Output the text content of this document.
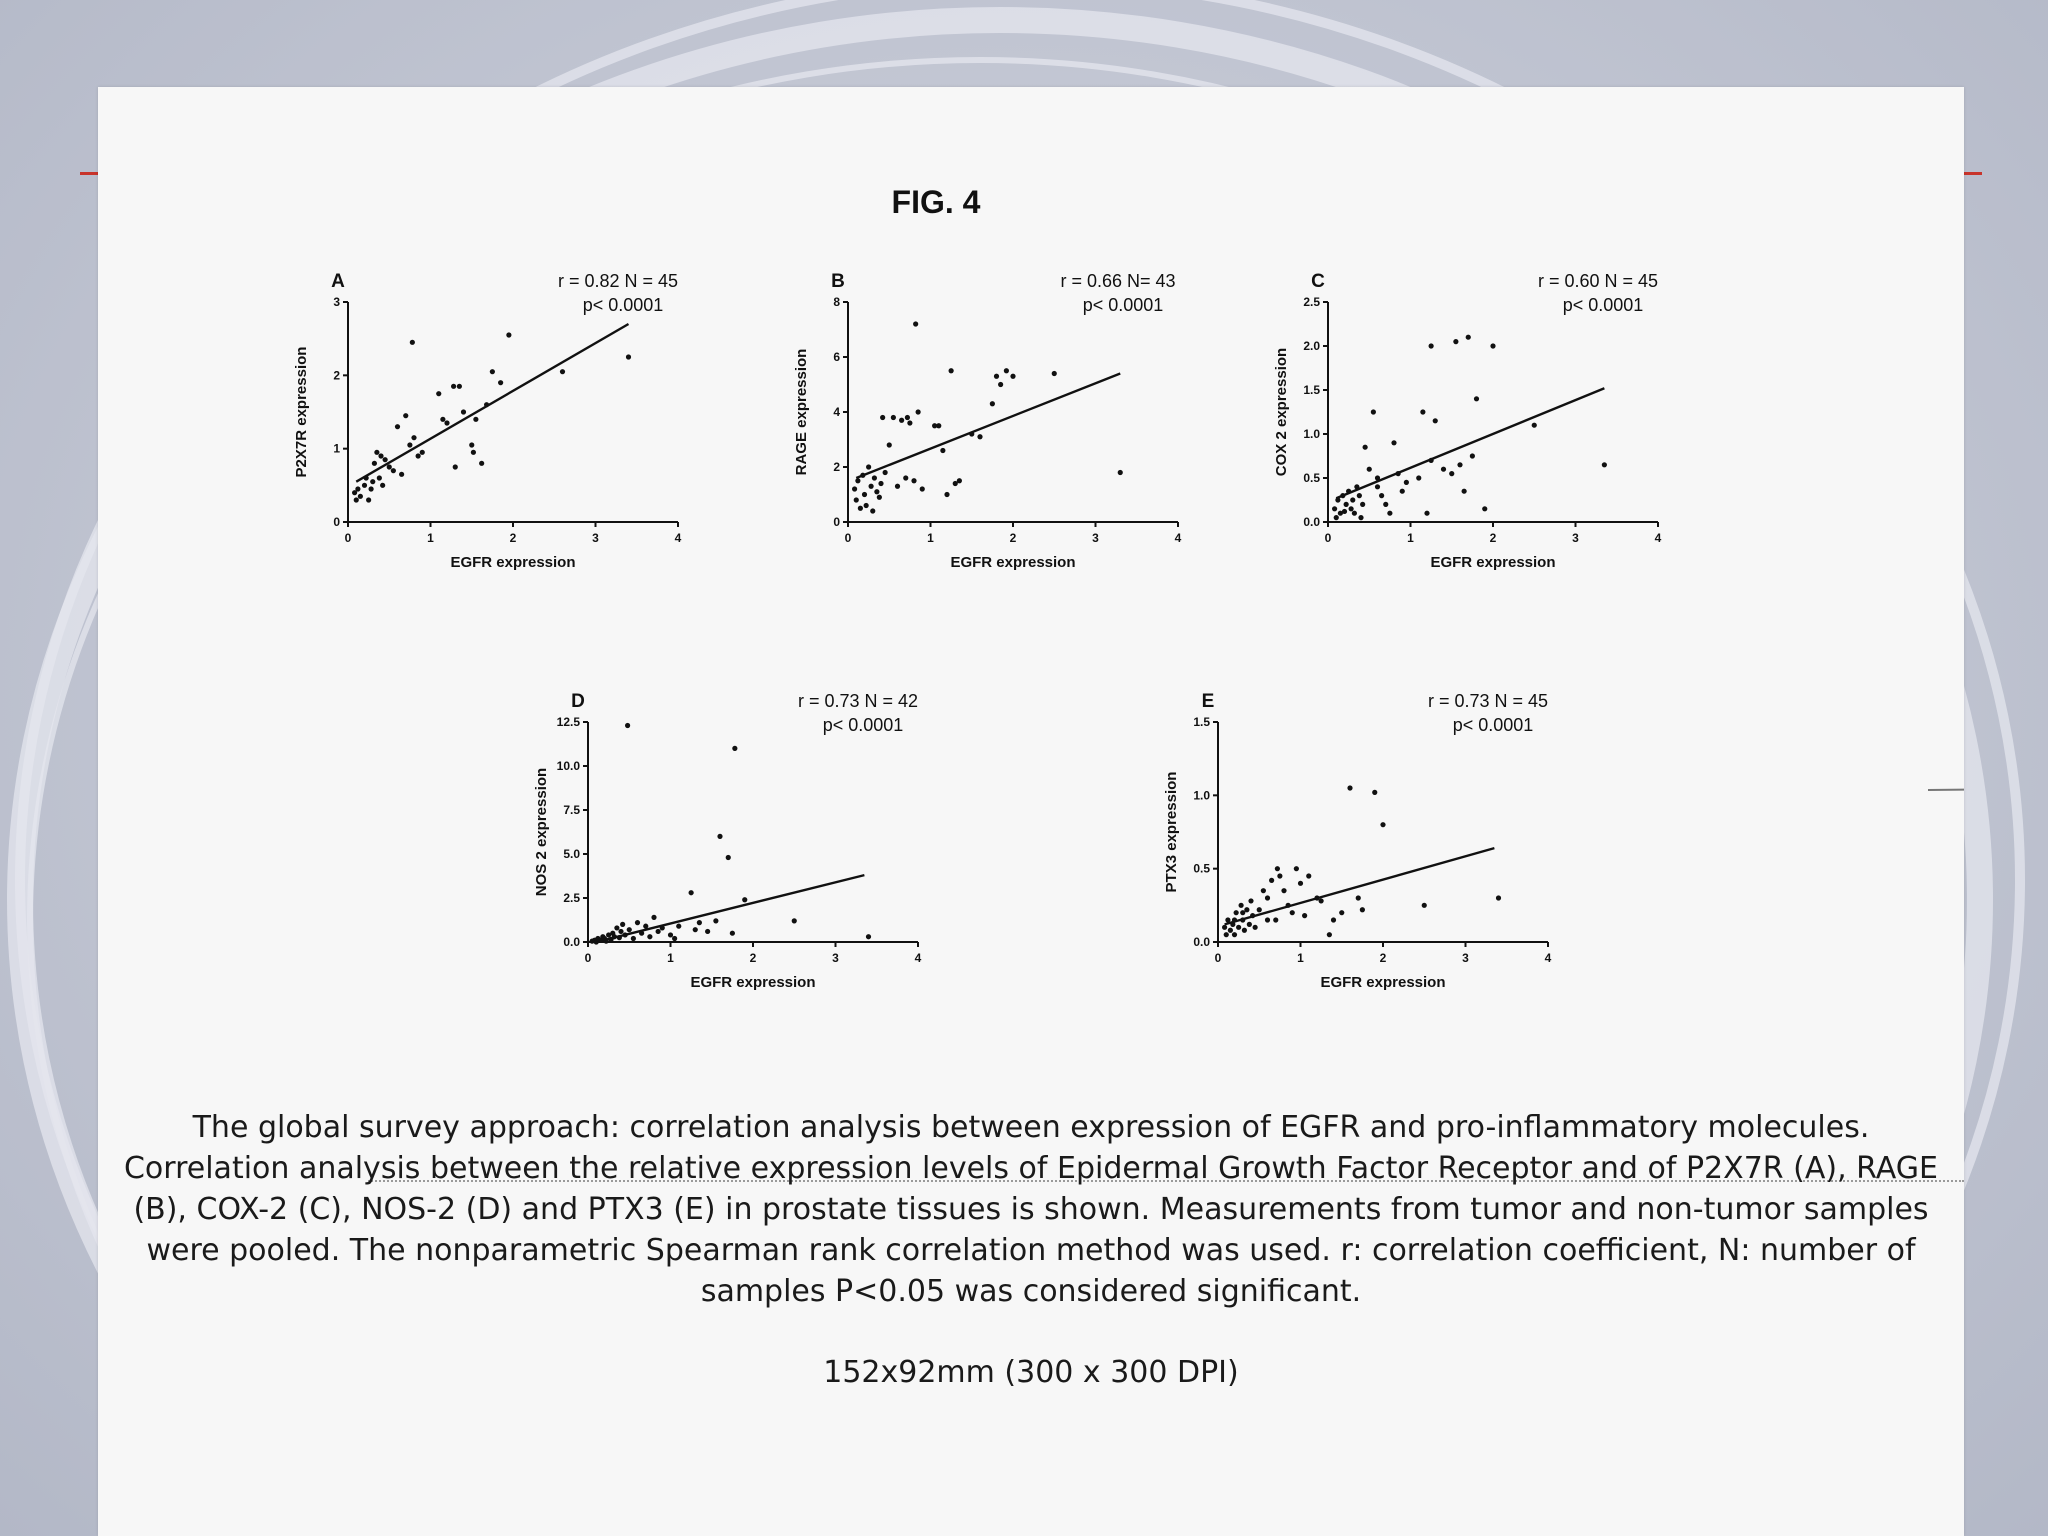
FIG. 4
0	1	2	3	4
0
1
2
3
EGFR expression
P2X7R expression
A	r = 0.82 N = 45
p< 0.0001
0	1	2	3	4
0
2
4
6
8
EGFR expression
RAGE expression
B	r = 0.66 N= 43
p< 0.0001
0	1	2	3	4
0.0
0.5
1.0
1.5
2.0
2.5
EGFR expression
COX 2 expression
C	r = 0.60 N = 45
p< 0.0001
0	1	2	3	4
0.0
2.5
5.0
7.5
10.0
12.5
EGFR expression
NOS 2 expression
D	r = 0.73 N = 42
p< 0.0001
0	1	2	3	4
0.0
0.5
1.0
1.5
EGFR expression
PTX3 expression
E	r = 0.73 N = 45
p< 0.0001

The global survey approach: correlation analysis between expression of EGFR and pro-inflammatory molecules.

Correlation analysis between the relative expression levels of Epidermal Growth Factor Receptor and of P2X7R (A), RAGE (B), COX-2 (C), NOS-2 (D) and PTX3 (E) in prostate tissues is shown. Measurements from tumor and non-tumor samples were pooled. The nonparametric Spearman rank correlation method was used. r: correlation coefficient, N: number of samples P<0.05 was considered significant.

152x92mm (300 x 300 DPI)
